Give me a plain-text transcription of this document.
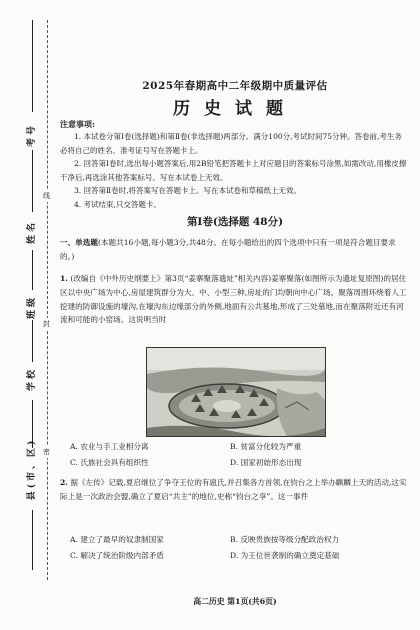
考号
姓名
班级
学校
县(市、区)
线
封
密
2025年春期高中二年级期中质量评估
历史试题
注意事项:

1. 本试卷分第Ⅰ卷(选择题)和第Ⅱ卷(非选择题)两部分。满分100分,考试时间75分钟。答卷前,考生务必将自己的姓名、准考证号写在答题卡上。

2. 回答第Ⅰ卷时,选出每小题答案后,用2B铅笔把答题卡上对应题目的答案标号涂黑,如需改动,用橡皮擦干净后,再选涂其他答案标号。写在本试卷上无效。

3. 回答第Ⅱ卷时,将答案写在答题卡上。写在本试卷和草稿纸上无效。

4. 考试结束,只交答题卡。

第Ⅰ卷(选择题 48分)
一、单选题(本题共16小题,每小题3分,共48分。在每小题给出的四个选项中只有一项是符合题目要求的。)
1. (改编自《中外历史纲要上》第3页“姜寨聚落遗址”相关内容)姜寨聚落(如图所示为遗址复原图)的居住区以中央广场为中心,房屋建筑群分为大、中、小型三种,房址的门均朝向中心广场。聚落周围环绕着人工挖建的防御设施的壕沟,在壕沟东边缘部分的外侧,地面有公共墓地,形成了三处墓地,而在聚落附近还有河流和可能的小窑场。这说明当时
A. 农业与手工业相分离	B. 贫富分化较为严重
C. 氏族社会具有组织性	D. 国家初始形态出现
2. 据《左传》记载,夏启继位了争夺王位的有扈氏,并召集各方首领,在钧台之上举办麒麟上天的活动,这实际上是一次政治会盟,确立了夏启“共主”的地位,史称“钧台之享”。这一事件
A. 建立了最早的奴隶制国家	B. 反映贵族按等级分配政治权力
C. 解决了统治阶级内部矛盾	D. 为王位世袭制的确立奠定基础
高二历史 第1页(共6页)
